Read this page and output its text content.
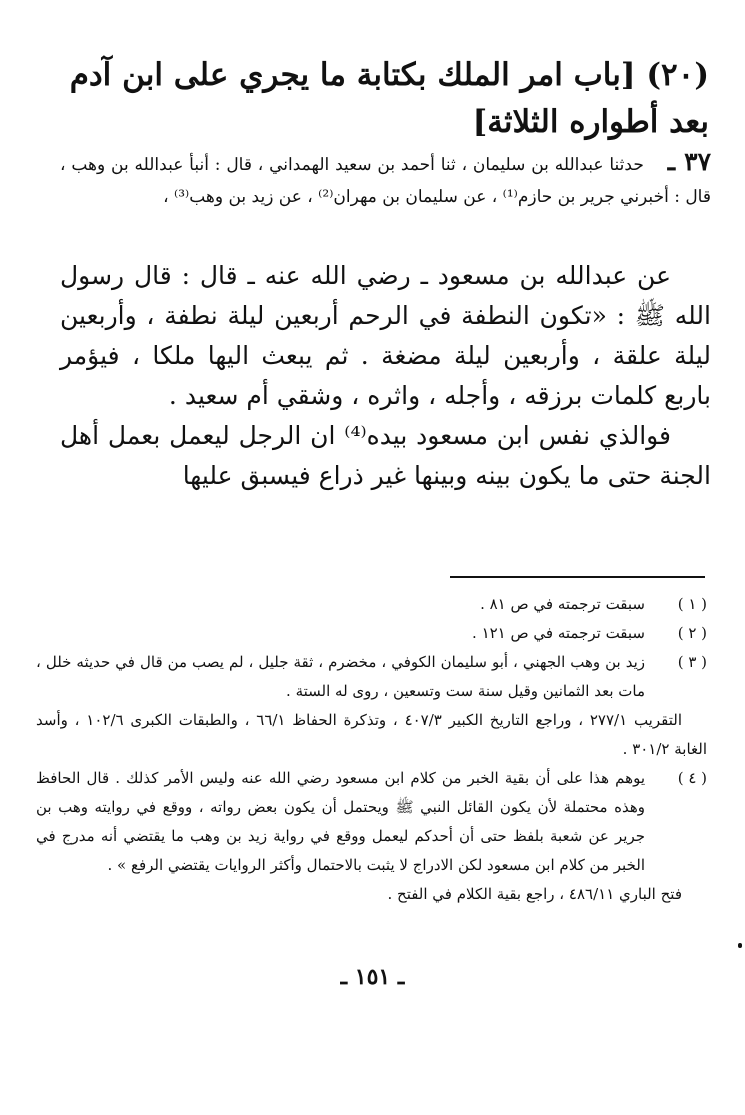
(٢٠) [باب امر الملك بكتابة ما يجري على ابن آدم بعد أطواره الثلاثة]
٣٧ ـ حدثنا عبدالله بن سليمان ، ثنا أحمد بن سعيد الهمداني ، قال : أنبأ عبدالله بن وهب ، قال : أخبرني جرير بن حازم⁽¹⁾ ، عن سليمان بن مهران⁽²⁾ ، عن زيد بن وهب⁽³⁾ ،

عن عبدالله بن مسعود ـ رضي الله عنه ـ قال : قال رسول الله ﷺ : «تكون النطفة في الرحم أربعين ليلة نطفة ، وأربعين ليلة علقة ، وأربعين ليلة مضغة . ثم يبعث اليها ملكا ، فيؤمر باربع كلمات برزقه ، وأجله ، واثره ، وشقي أم سعيد .

فوالذي نفس ابن مسعود بيده⁽⁴⁾ ان الرجل ليعمل بعمل أهل الجنة حتى ما يكون بينه وبينها غير ذراع فيسبق عليها

( ١ )
سبقت ترجمته في ص ٨١ .
( ٢ )
سبقت ترجمته في ص ١٢١ .
( ٣ )
زيد بن وهب الجهني ، أبو سليمان الكوفي ، مخضرم ، ثقة جليل ، لم يصب من قال في حديثه خلل ، مات بعد الثمانين وقيل سنة ست وتسعين ، روى له الستة .
التقريب ٢٧٧/١ ، وراجع التاريخ الكبير ٤٠٧/٣ ، وتذكرة الحفاظ ٦٦/١ ، والطبقات الكبرى ١٠٢/٦ ، وأسد الغابة ٣٠١/٢ .
( ٤ )
يوهم هذا على أن بقية الخبر من كلام ابن مسعود رضي الله عنه وليس الأمر كذلك . قال الحافظ وهذه محتملة لأن يكون القائل النبي ﷺ ويحتمل أن يكون بعض رواته ، ووقع في روايته وهب بن جرير عن شعبة بلفظ حتى أن أحدكم ليعمل ووقع في رواية زيد بن وهب ما يقتضي أنه مدرج في الخبر من كلام ابن مسعود لكن الادراج لا يثبت بالاحتمال وأكثر الروايات يقتضي الرفع » .
فتح الباري ٤٨٦/١١ ، راجع بقية الكلام في الفتح .
ـ ١٥١ ـ
